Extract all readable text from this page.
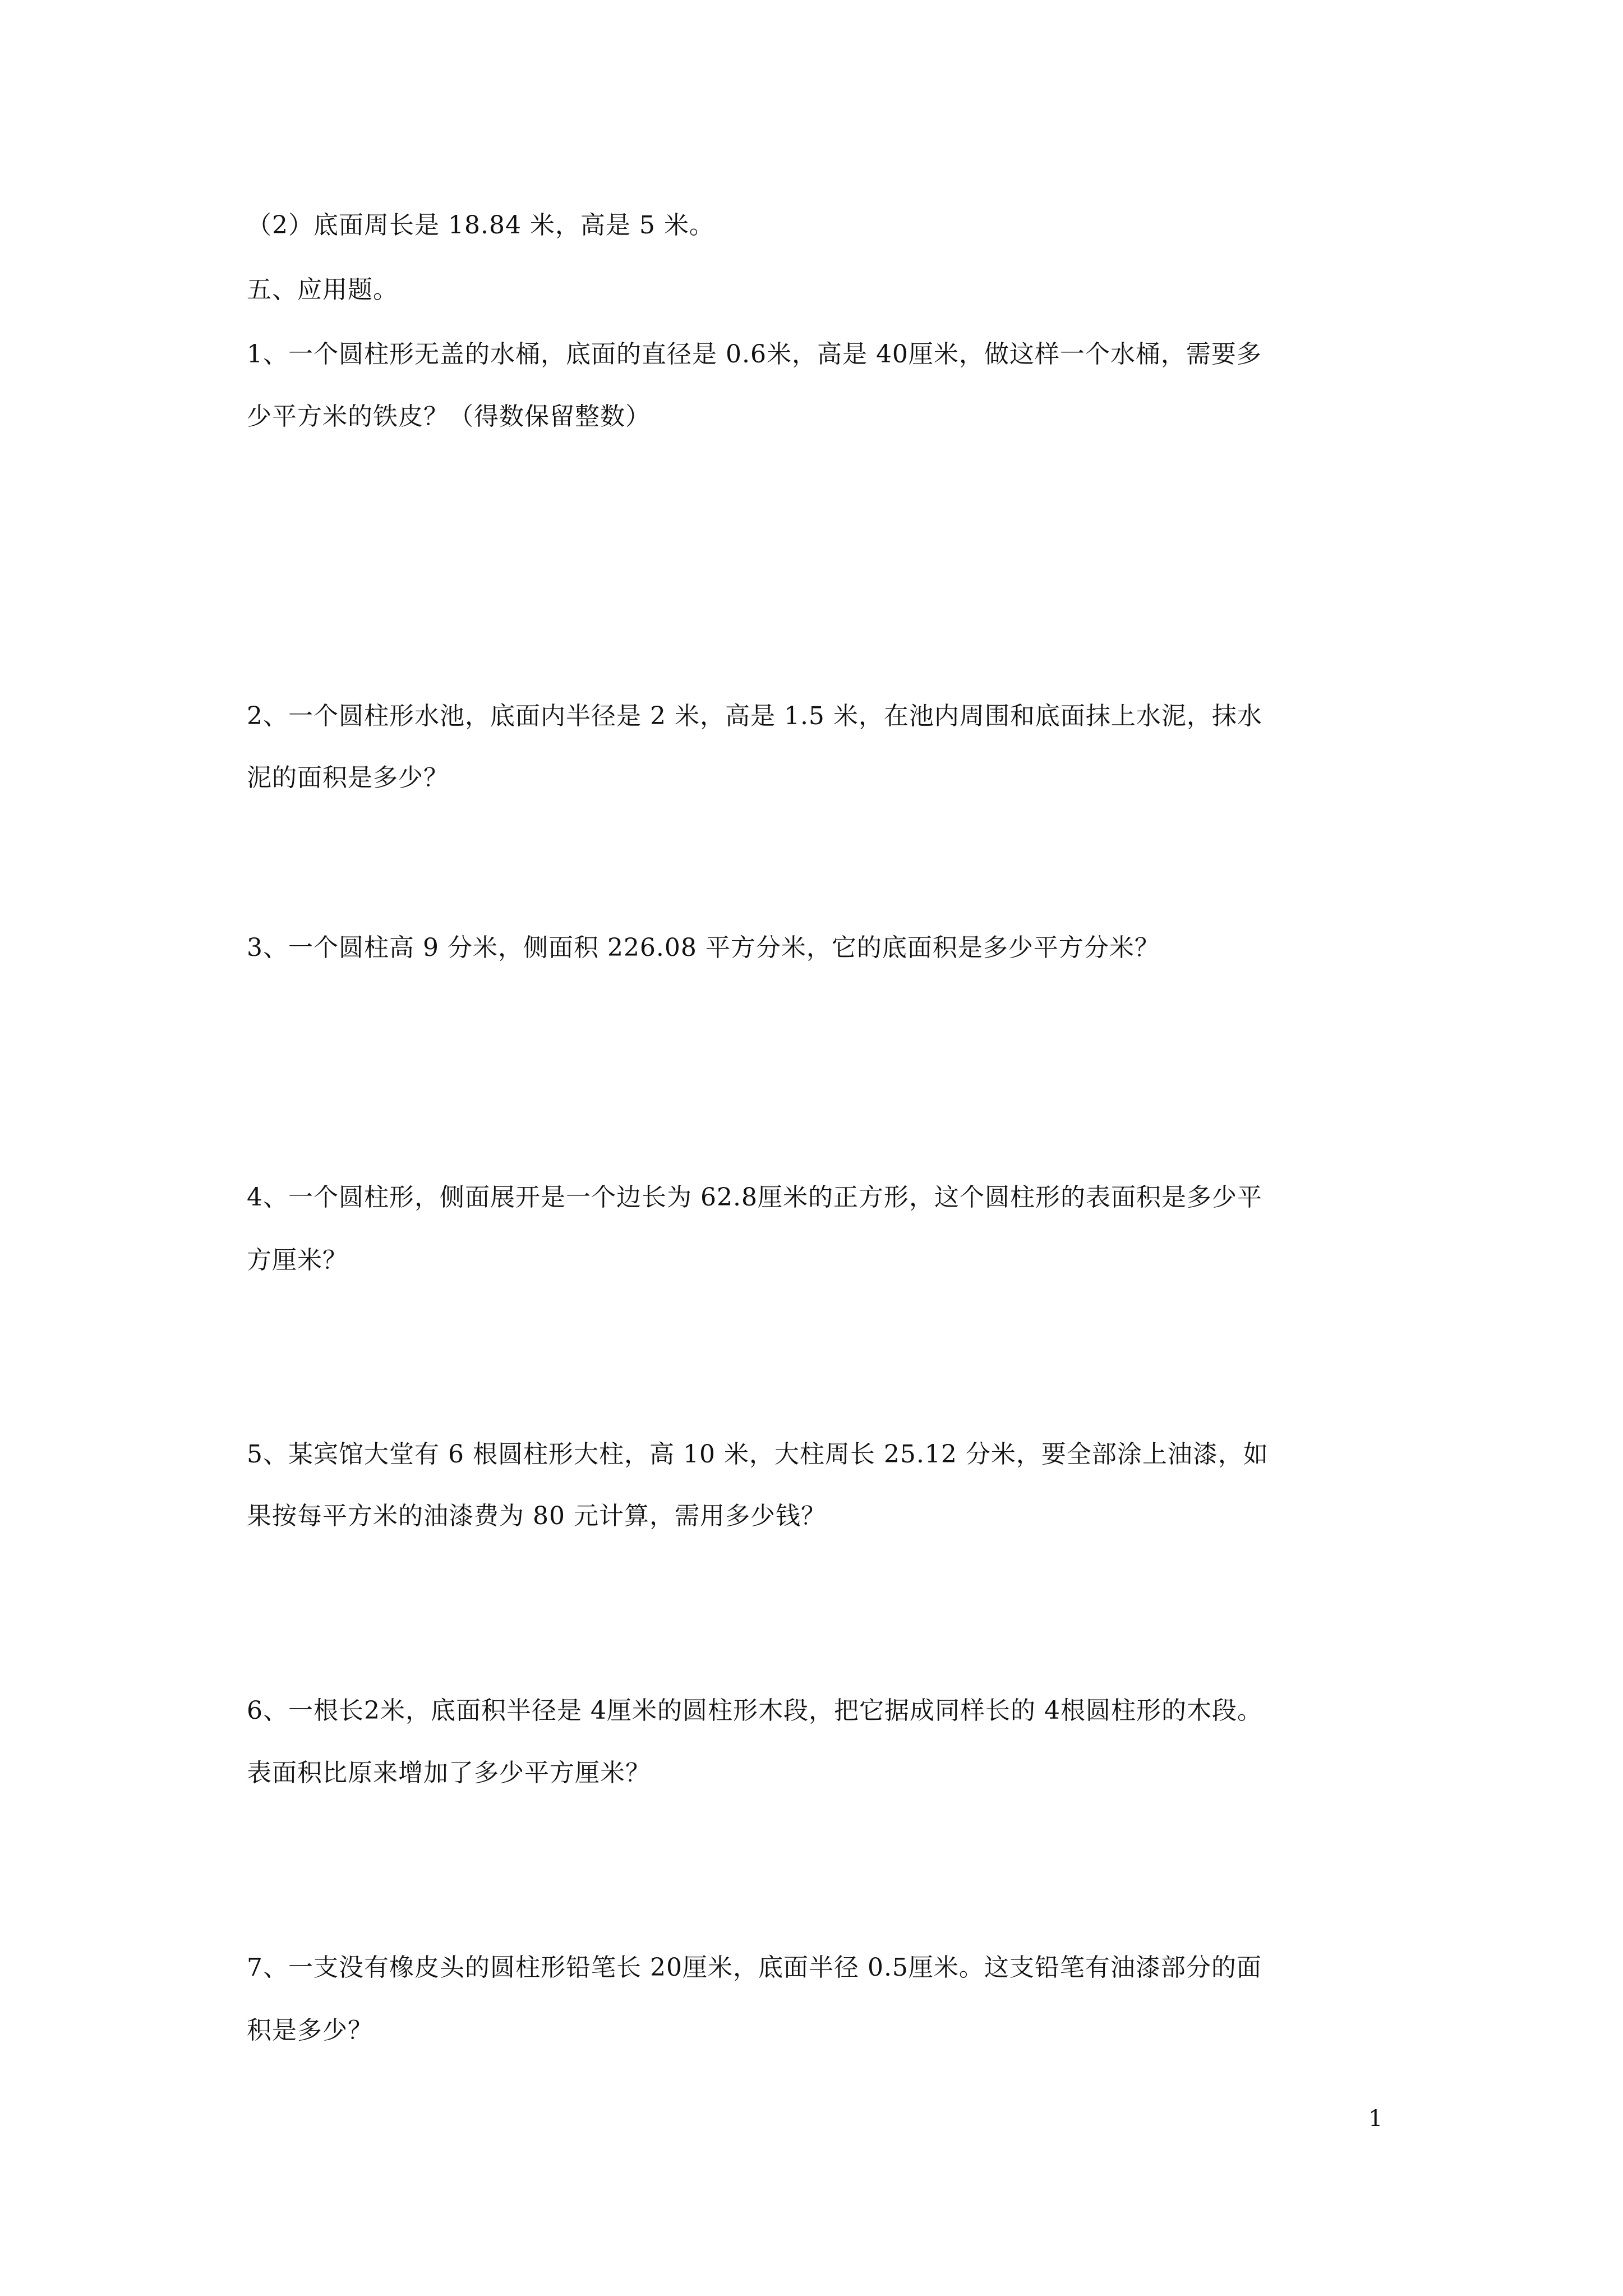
（2）底面周长是 18.84 米，高是 5 米。
五、应用题。
1、一个圆柱形无盖的水桶，底面的直径是 0.6米，高是 40厘米，做这样一个水桶，需要多
少平方米的铁皮？（得数保留整数）
2、一个圆柱形水池，底面内半径是 2 米，高是 1.5 米，在池内周围和底面抹上水泥，抹水
泥的面积是多少？
3、一个圆柱高 9 分米，侧面积 226.08 平方分米，它的底面积是多少平方分米？
4、一个圆柱形，侧面展开是一个边长为 62.8厘米的正方形，这个圆柱形的表面积是多少平
方厘米？
5、某宾馆大堂有 6 根圆柱形大柱，高 10 米，大柱周长 25.12 分米，要全部涂上油漆，如
果按每平方米的油漆费为 80 元计算，需用多少钱？
6、一根长2米，底面积半径是 4厘米的圆柱形木段，把它据成同样长的 4根圆柱形的木段。
表面积比原来增加了多少平方厘米？
7、一支没有橡皮头的圆柱形铅笔长 20厘米，底面半径 0.5厘米。这支铅笔有油漆部分的面
积是多少？
1
